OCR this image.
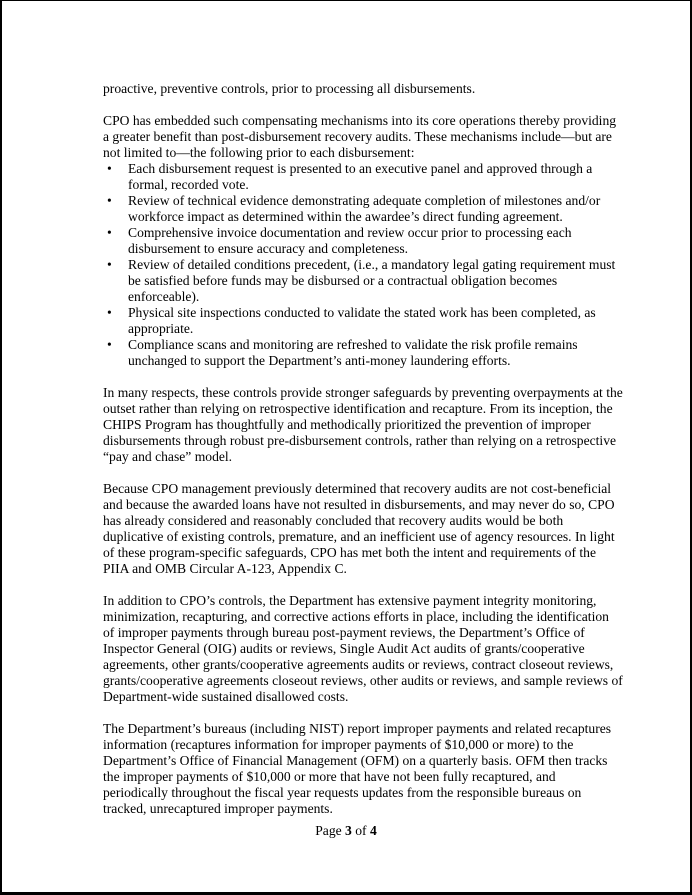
proactive, preventive controls, prior to processing all disbursements.

CPO has embedded such compensating mechanisms into its core operations thereby providing a greater benefit than post-disbursement recovery audits. These mechanisms include—but are not limited to—the following prior to each disbursement:

• Each disbursement request is presented to an executive panel and approved through a formal, recorded vote.
• Review of technical evidence demonstrating adequate completion of milestones and/or workforce impact as determined within the awardee’s direct funding agreement.
• Comprehensive invoice documentation and review occur prior to processing each disbursement to ensure accuracy and completeness.
• Review of detailed conditions precedent, (i.e., a mandatory legal gating requirement must be satisfied before funds may be disbursed or a contractual obligation becomes enforceable).
• Physical site inspections conducted to validate the stated work has been completed, as appropriate.
• Compliance scans and monitoring are refreshed to validate the risk profile remains unchanged to support the Department’s anti-money laundering efforts.

In many respects, these controls provide stronger safeguards by preventing overpayments at the outset rather than relying on retrospective identification and recapture. From its inception, the CHIPS Program has thoughtfully and methodically prioritized the prevention of improper disbursements through robust pre-disbursement controls, rather than relying on a retrospective “pay and chase” model.

Because CPO management previously determined that recovery audits are not cost-beneficial and because the awarded loans have not resulted in disbursements, and may never do so, CPO has already considered and reasonably concluded that recovery audits would be both duplicative of existing controls, premature, and an inefficient use of agency resources. In light of these program-specific safeguards, CPO has met both the intent and requirements of the PIIA and OMB Circular A-123, Appendix C.

In addition to CPO’s controls, the Department has extensive payment integrity monitoring, minimization, recapturing, and corrective actions efforts in place, including the identification of improper payments through bureau post-payment reviews, the Department’s Office of Inspector General (OIG) audits or reviews, Single Audit Act audits of grants/cooperative agreements, other grants/cooperative agreements audits or reviews, contract closeout reviews, grants/cooperative agreements closeout reviews, other audits or reviews, and sample reviews of Department-wide sustained disallowed costs.

The Department’s bureaus (including NIST) report improper payments and related recaptures information (recaptures information for improper payments of $10,000 or more) to the Department’s Office of Financial Management (OFM) on a quarterly basis. OFM then tracks the improper payments of $10,000 or more that have not been fully recaptured, and periodically throughout the fiscal year requests updates from the responsible bureaus on tracked, unrecaptured improper payments.

Page 3 of 4
